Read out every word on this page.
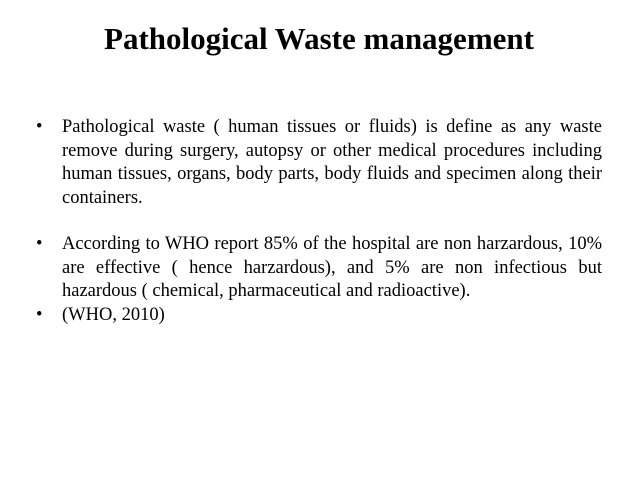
Pathological Waste management
•	Pathological waste ( human tissues or fluids) is define as any waste remove during surgery, autopsy or other medical procedures including human tissues, organs, body parts, body fluids and specimen along their containers.
•	According to WHO report 85% of the hospital are non harzardous, 10% are effective ( hence harzardous), and 5% are non infectious but hazardous ( chemical, pharmaceutical and radioactive).
•	(WHO, 2010)
